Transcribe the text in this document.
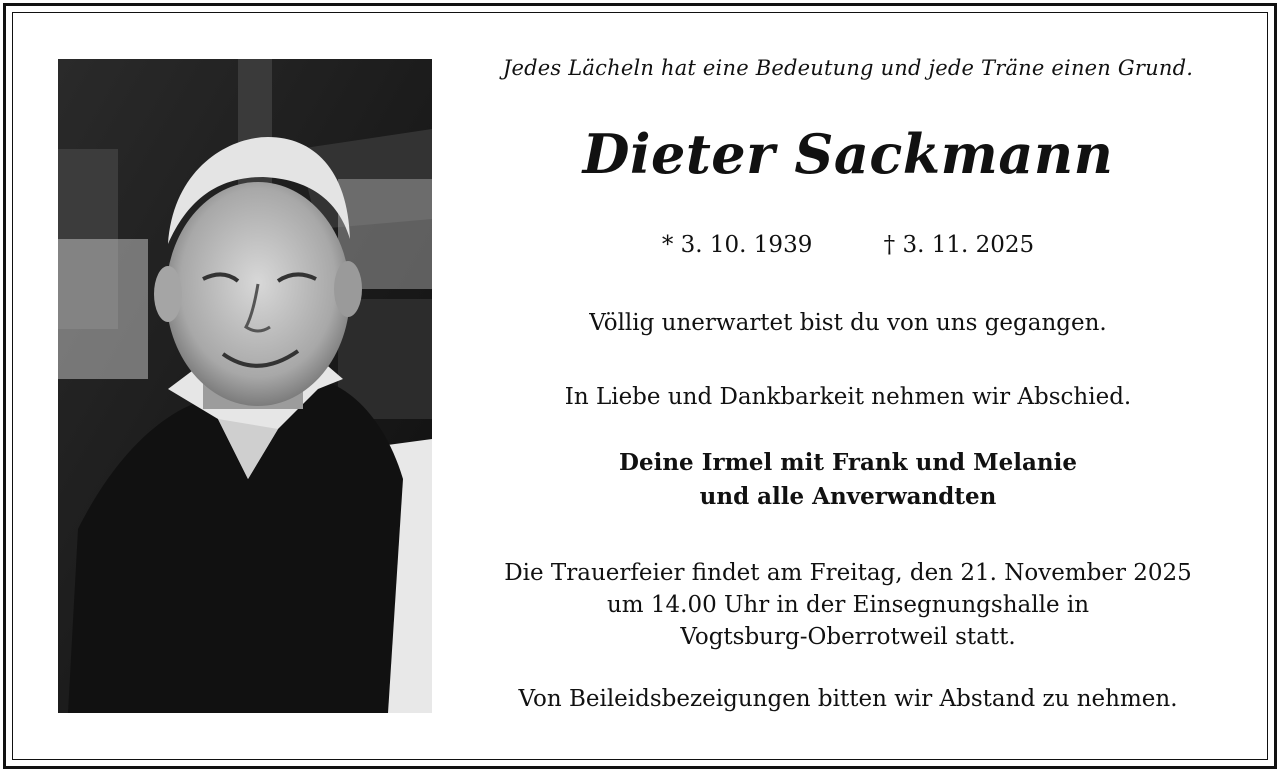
Jedes Lächeln hat eine Bedeutung und jede Träne einen Grund.
Dieter Sackmann
* 3. 10. 1939	† 3. 11. 2025
Völlig unerwartet bist du von uns gegangen.
In Liebe und Dankbarkeit nehmen wir Abschied.
Deine Irmel mit Frank und Melanie
und alle Anverwandten
Die Trauerfeier findet am Freitag, den 21. November 2025
um 14.00 Uhr in der Einsegnungshalle in
Vogtsburg-Oberrotweil statt.
Von Beileidsbezeigungen bitten wir Abstand zu nehmen.
